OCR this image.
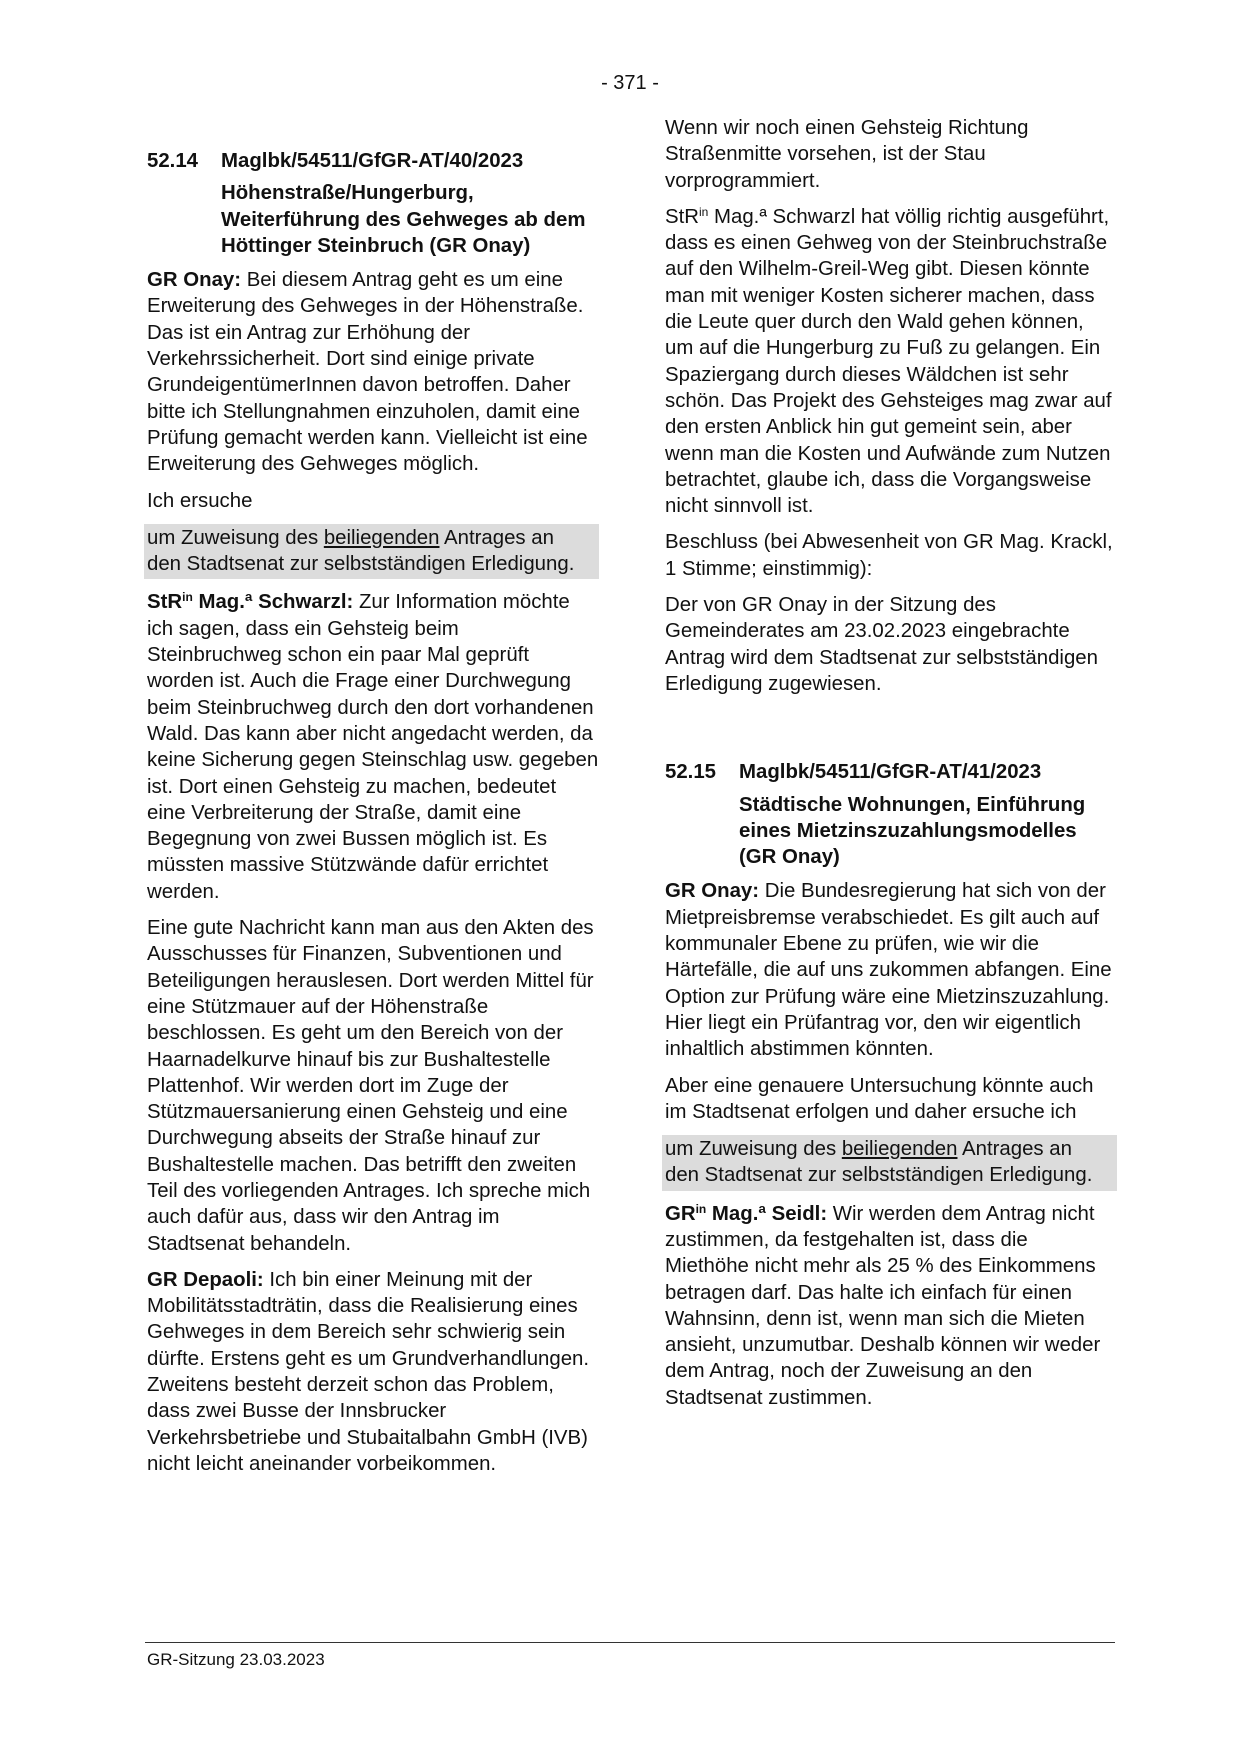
- 371 -
52.14 Maglbk/54511/GfGR-AT/40/2023
Höhenstraße/Hungerburg, Weiterführung des Gehweges ab dem Höttinger Steinbruch (GR Onay)

GR Onay: Bei diesem Antrag geht es um eine Erweiterung des Gehweges in der Höhenstraße. Das ist ein Antrag zur Erhöhung der Verkehrssicherheit. Dort sind einige private GrundeigentümerInnen davon betroffen. Daher bitte ich Stellungnahmen einzuholen, damit eine Prüfung gemacht werden kann. Vielleicht ist eine Erweiterung des Gehweges möglich.

Ich ersuche

um Zuweisung des beiliegenden Antrages an den Stadtsenat zur selbstständigen Erledigung.

StR$^{in}$ Mag.ª Schwarzl: Zur Information möchte ich sagen, dass ein Gehsteig beim Steinbruchweg schon ein paar Mal geprüft worden ist. Auch die Frage einer Durchwegung beim Steinbruchweg durch den dort vorhandenen Wald. Das kann aber nicht angedacht werden, da keine Sicherung gegen Steinschlag usw. gegeben ist. Dort einen Gehsteig zu machen, bedeutet eine Verbreiterung der Straße, damit eine Begegnung von zwei Bussen möglich ist. Es müssten massive Stützwände dafür errichtet werden.

Eine gute Nachricht kann man aus den Akten des Ausschusses für Finanzen, Subventionen und Beteiligungen herauslesen. Dort werden Mittel für eine Stützmauer auf der Höhenstraße beschlossen. Es geht um den Bereich von der Haarnadelkurve hinauf bis zur Bushaltestelle Plattenhof. Wir werden dort im Zuge der Stützmauersanierung einen Gehsteig und eine Durchwegung abseits der Straße hinauf zur Bushaltestelle machen. Das betrifft den zweiten Teil des vorliegenden Antrages. Ich spreche mich auch dafür aus, dass wir den Antrag im Stadtsenat behandeln.

GR Depaoli: Ich bin einer Meinung mit der Mobilitätsstadträtin, dass die Realisierung eines Gehweges in dem Bereich sehr schwierig sein dürfte. Erstens geht es um Grundverhandlungen. Zweitens besteht derzeit schon das Problem, dass zwei Busse der Innsbrucker Verkehrsbetriebe und Stubaitalbahn GmbH (IVB) nicht leicht aneinander vorbeikommen.

Wenn wir noch einen Gehsteig Richtung Straßenmitte vorsehen, ist der Stau vorprogrammiert.

StR$^{in}$ Mag.ª Schwarzl hat völlig richtig ausgeführt, dass es einen Gehweg von der Steinbruchstraße auf den Wilhelm-Greil-Weg gibt. Diesen könnte man mit weniger Kosten sicherer machen, dass die Leute quer durch den Wald gehen können, um auf die Hungerburg zu Fuß zu gelangen. Ein Spaziergang durch dieses Wäldchen ist sehr schön. Das Projekt des Gehsteiges mag zwar auf den ersten Anblick hin gut gemeint sein, aber wenn man die Kosten und Aufwände zum Nutzen betrachtet, glaube ich, dass die Vorgangsweise nicht sinnvoll ist.

Beschluss (bei Abwesenheit von GR Mag. Krackl, 1 Stimme; einstimmig):

Der von GR Onay in der Sitzung des Gemeinderates am 23.02.2023 eingebrachte Antrag wird dem Stadtsenat zur selbstständigen Erledigung zugewiesen.

52.15 Maglbk/54511/GfGR-AT/41/2023
Städtische Wohnungen, Einführung eines Mietzinszuzahlungsmodelles (GR Onay)

GR Onay: Die Bundesregierung hat sich von der Mietpreisbremse verabschiedet. Es gilt auch auf kommunaler Ebene zu prüfen, wie wir die Härtefälle, die auf uns zukommen abfangen. Eine Option zur Prüfung wäre eine Mietzinszuzahlung. Hier liegt ein Prüfantrag vor, den wir eigentlich inhaltlich abstimmen könnten.

Aber eine genauere Untersuchung könnte auch im Stadtsenat erfolgen und daher ersuche ich

um Zuweisung des beiliegenden Antrages an den Stadtsenat zur selbstständigen Erledigung.

$GR^{in}$ Mag.ª Seidl: Wir werden dem Antrag nicht zustimmen, da festgehalten ist, dass die Miethöhe nicht mehr als 25 % des Einkommens betragen darf. Das halte ich einfach für einen Wahnsinn, denn ist, wenn man sich die Mieten ansieht, unzumutbar. Deshalb können wir weder dem Antrag, noch der Zuweisung an den Stadtsenat zustimmen.

GR-Sitzung 23.03.2023
